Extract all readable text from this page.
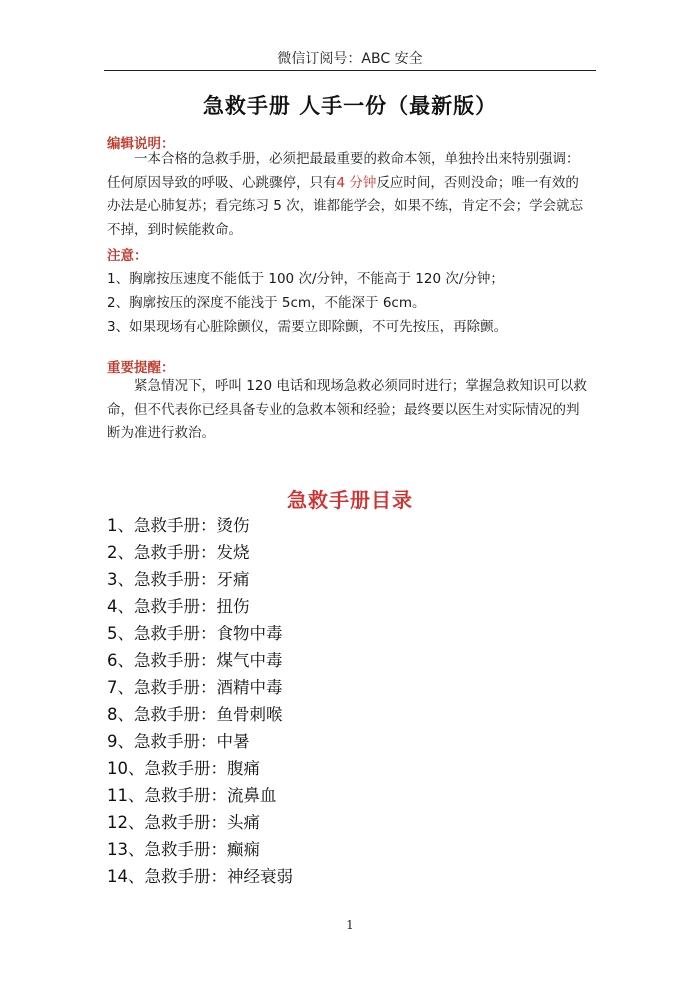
微信订阅号：ABC 安全
急救手册 人手一份（最新版）
编辑说明：
一本合格的急救手册，必须把最最重要的救命本领，单独拎出来特别强调：
任何原因导致的呼吸、心跳骤停，只有4 分钟反应时间，否则没命；唯一有效的
办法是心肺复苏；看完练习 5 次，谁都能学会，如果不练，肯定不会；学会就忘
不掉，到时候能救命。
注意：
1、胸廓按压速度不能低于 100 次/分钟，不能高于 120 次/分钟；
2、胸廓按压的深度不能浅于 5cm，不能深于 6cm。
3、如果现场有心脏除颤仪，需要立即除颤，不可先按压，再除颤。
重要提醒：
紧急情况下，呼叫 120 电话和现场急救必须同时进行；掌握急救知识可以救
命，但不代表你已经具备专业的急救本领和经验；最终要以医生对实际情况的判
断为准进行救治。
急救手册目录
1、急救手册：烫伤
2、急救手册：发烧
3、急救手册：牙痛
4、急救手册：扭伤
5、急救手册：食物中毒
6、急救手册：煤气中毒
7、急救手册：酒精中毒
8、急救手册：鱼骨刺喉
9、急救手册：中暑
10、急救手册：腹痛
11、急救手册：流鼻血
12、急救手册：头痛
13、急救手册：癫痫
14、急救手册：神经衰弱
1
